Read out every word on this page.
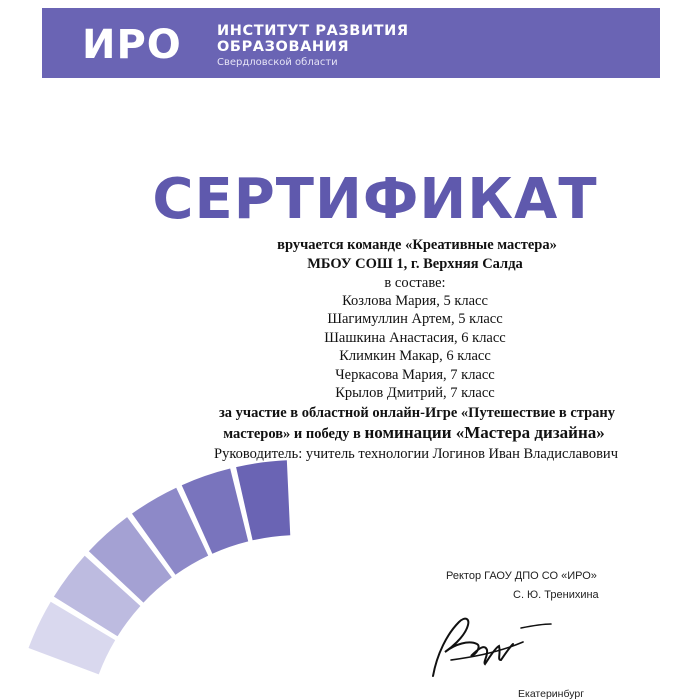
ИРО ИНСТИТУТ РАЗВИТИЯ
ОБРАЗОВАНИЯ
Свердловской области
СЕРТИФИКАТ
вручается команде «Креативные мастера»
МБОУ СОШ 1, г. Верхняя Салда
в составе:
Козлова Мария, 5 класс
Шагимуллин Артем, 5 класс
Шашкина Анастасия, 6 класс
Климкин Макар, 6 класс
Черкасова Мария, 7 класс
Крылов Дмитрий, 7 класс
за участие в областной онлайн-Игре «Путешествие в страну
мастеров» и победу в номинации «Мастера дизайна»
Руководитель: учитель технологии Логинов Иван Владиславович
Ректор ГАОУ ДПО СО «ИРО»
С. Ю. Тренихина
Екатеринбург
